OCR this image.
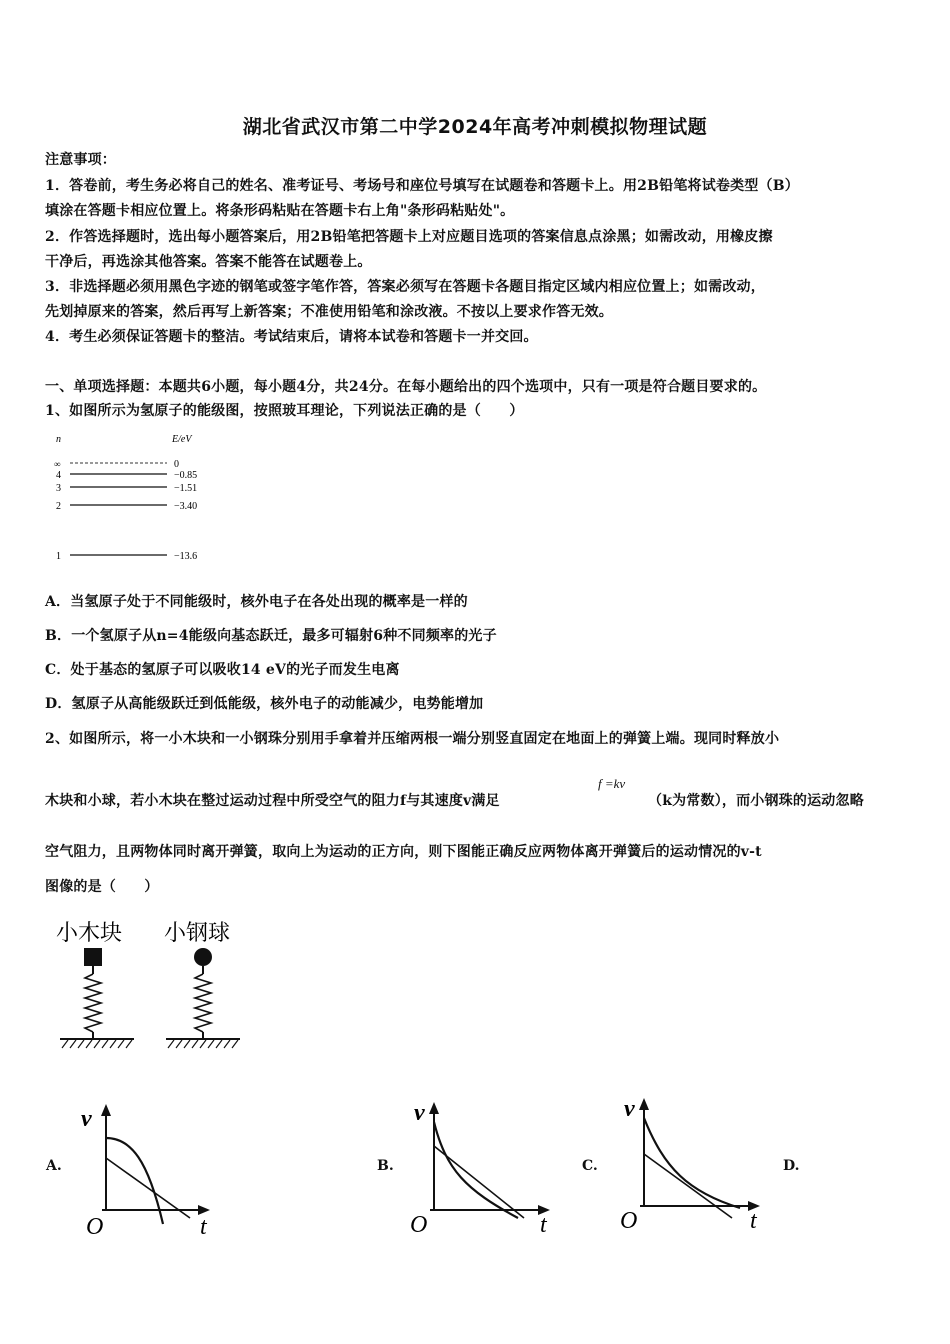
湖北省武汉市第二中学2024年高考冲刺模拟物理试题
注意事项：
1．答卷前，考生务必将自己的姓名、准考证号、考场号和座位号填写在试题卷和答题卡上。用2B铅笔将试卷类型（B）
填涂在答题卡相应位置上。将条形码粘贴在答题卡右上角"条形码粘贴处"。
2．作答选择题时，选出每小题答案后，用2B铅笔把答题卡上对应题目选项的答案信息点涂黑；如需改动，用橡皮擦
干净后，再选涂其他答案。答案不能答在试题卷上。
3．非选择题必须用黑色字迹的钢笔或签字笔作答，答案必须写在答题卡各题目指定区域内相应位置上；如需改动，
先划掉原来的答案，然后再写上新答案；不准使用铅笔和涂改液。不按以上要求作答无效。
4．考生必须保证答题卡的整洁。考试结束后，请将本试卷和答题卡一并交回。
一、单项选择题：本题共6小题，每小题4分，共24分。在每小题给出的四个选项中，只有一项是符合题目要求的。
1、如图所示为氢原子的能级图，按照玻耳理论，下列说法正确的是（　　）
n	E/eV
∞	0
4	−0.85
3	−1.51
2	−3.40
1	−13.6
A．当氢原子处于不同能级时，核外电子在各处出现的概率是一样的
B．一个氢原子从n=4能级向基态跃迁，最多可辐射6种不同频率的光子
C．处于基态的氢原子可以吸收14 eV的光子而发生电离
D．氢原子从高能级跃迁到低能级，核外电子的动能减少，电势能增加
2、如图所示，将一小木块和一小钢珠分别用手拿着并压缩两根一端分别竖直固定在地面上的弹簧上端。现同时释放小
木块和小球，若小木块在整过运动过程中所受空气的阻力f与其速度v满足
f =kv
（k为常数），而小钢珠的运动忽略
空气阻力，且两物体同时离开弹簧，取向上为运动的正方向，则下图能正确反应两物体离开弹簧后的运动情况的v-t
图像的是（　　）
小木块 小钢球
A.
v
O	t
B.
v
O	t
C.
v
O	t
D.
